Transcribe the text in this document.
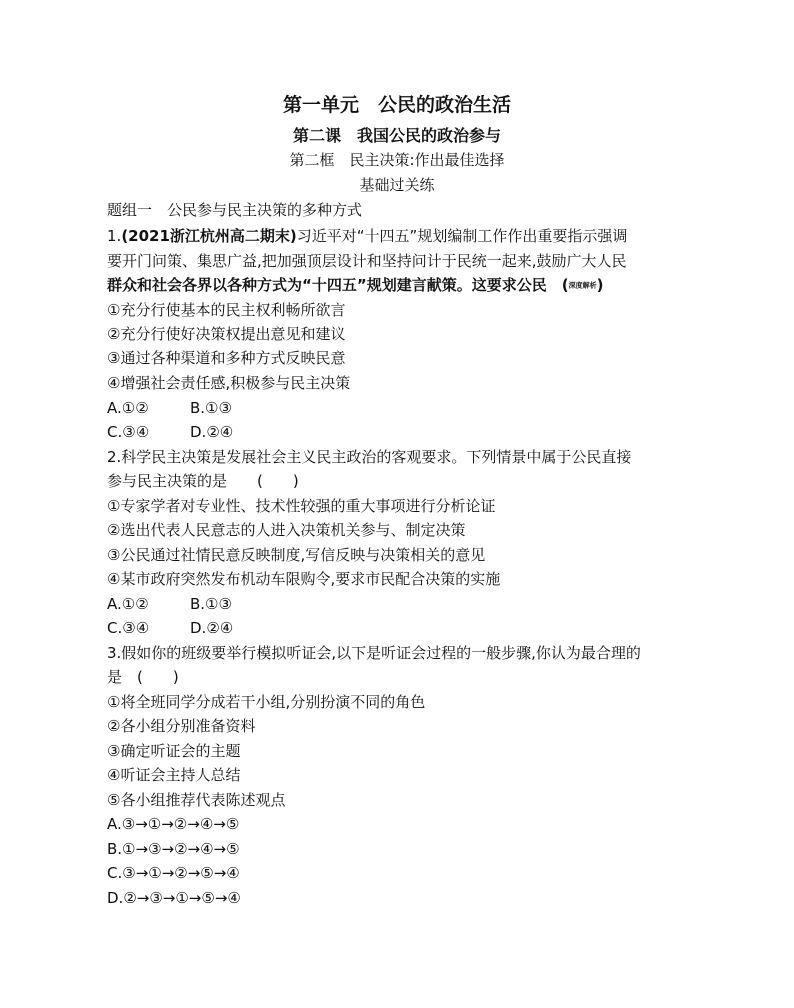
第一单元　公民的政治生活
第二课　我国公民的政治参与
第二框　民主决策:作出最佳选择
基础过关练
题组一　公民参与民主决策的多种方式
1.(2021浙江杭州高二期末)习近平对“十四五”规划编制工作作出重要指示强调
要开门问策、集思广益,把加强顶层设计和坚持问计于民统一起来,鼓励广大人民
群众和社会各界以各种方式为“十四五”规划建言献策。这要求公民　(深度解析)
①充分行使基本的民主权利畅所欲言
②充分行使好决策权提出意见和建议
③通过各种渠道和多种方式反映民意
④增强社会责任感,积极参与民主决策
A.①②	B.①③
C.③④	D.②④
2.科学民主决策是发展社会主义民主政治的客观要求。下列情景中属于公民直接
参与民主决策的是　　(　　)
①专家学者对专业性、技术性较强的重大事项进行分析论证
②选出代表人民意志的人进入决策机关参与、制定决策
③公民通过社情民意反映制度,写信反映与决策相关的意见
④某市政府突然发布机动车限购令,要求市民配合决策的实施
A.①②	B.①③
C.③④	D.②④
3.假如你的班级要举行模拟听证会,以下是听证会过程的一般步骤,你认为最合理的
是　(　　)
①将全班同学分成若干小组,分别扮演不同的角色
②各小组分别准备资料
③确定听证会的主题
④听证会主持人总结
⑤各小组推荐代表陈述观点
A.③→①→②→④→⑤
B.①→③→②→④→⑤
C.③→①→②→⑤→④
D.②→③→①→⑤→④
